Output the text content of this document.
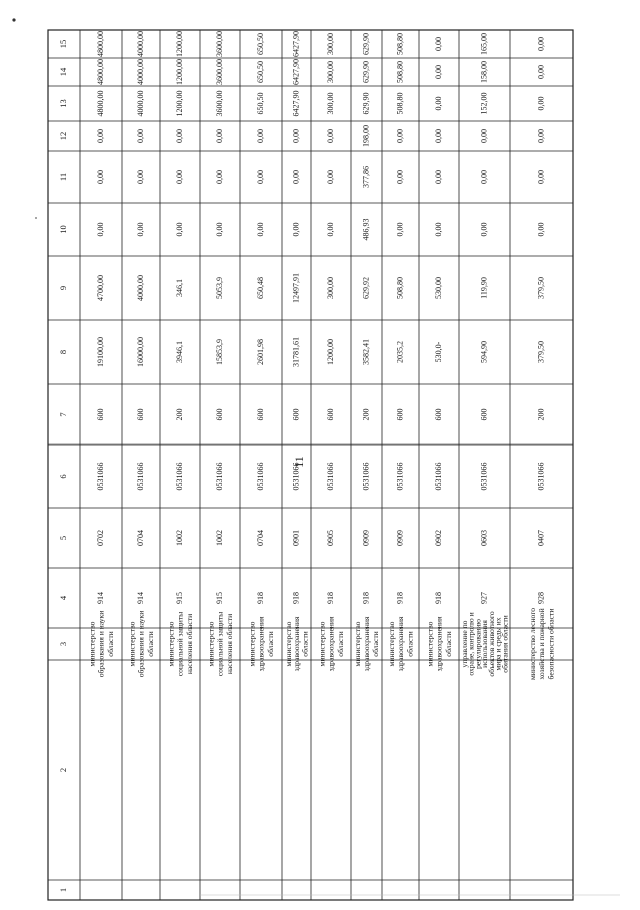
1
2
3
4
5
6
7
8
9
10
11
12
13
14
15
11
4800,00
4800,00
4800,00
0,00
0,00
0,00
4700,00
19100,00
600
0531066
0702
914
министерствообразования и наукиобласти
4000,00
4000,00
4000,00
0,00
0,00
0,00
4000,00
16000,00
600
0531066
0704
914
министерствообразования и наукиобласти
1200,00
1200,00
1200,00
0,00
0,00
0,00
346,1
3946,1
200
0531066
1002
915
министерствосоциальной защитынаселения области
3600,00
3600,00
3600,00
0,00
0,00
0,00
5053,9
15853,9
600
0531066
1002
915
министерствосоциальной защитынаселения области
650,50
650,50
650,50
0,00
0,00
0,00
650,48
2601,98
600
0531066
0704
918
министерствоздравоохраненияобласти
6427,90
6427,90
6427,90
0,00
0,00
0,00
12497,91
31781,61
600
0531066
0901
918
министерствоздравоохраненияобласти
300,00
300,00
300,00
0,00
0,00
0,00
300,00
1200,00
600
0531066
0905
918
министерствоздравоохраненияобласти
629,90
629,90
629,90
198,00
377,86
486,93
629,92
3582,41
200
0531066
0909
918
министерствоздравоохраненияобласти
508,80
508,80
508,80
0,00
0,00
0,00
508,80
2035,2
600
0531066
0909
918
министерствоздравоохраненияобласти
0,00
0,00
0,00
0,00
0,00
0,00
530,00
530,0-
600
0531066
0902
918
министерствоздравоохраненияобласти
165,00
158,00
152,00
0,00
0,00
0,00
119,90
594,90
600
0531066
0603
927
управление поохране, контролю ирегулированиюиспользованияобъектов животногомира и среды ихобитания области
0,00
0,00
0,00
0,00
0,00
0,00
379,50
379,50
200
0531066
0407
928
министерство лесногохозяйства и пожарнойбезопасности области
